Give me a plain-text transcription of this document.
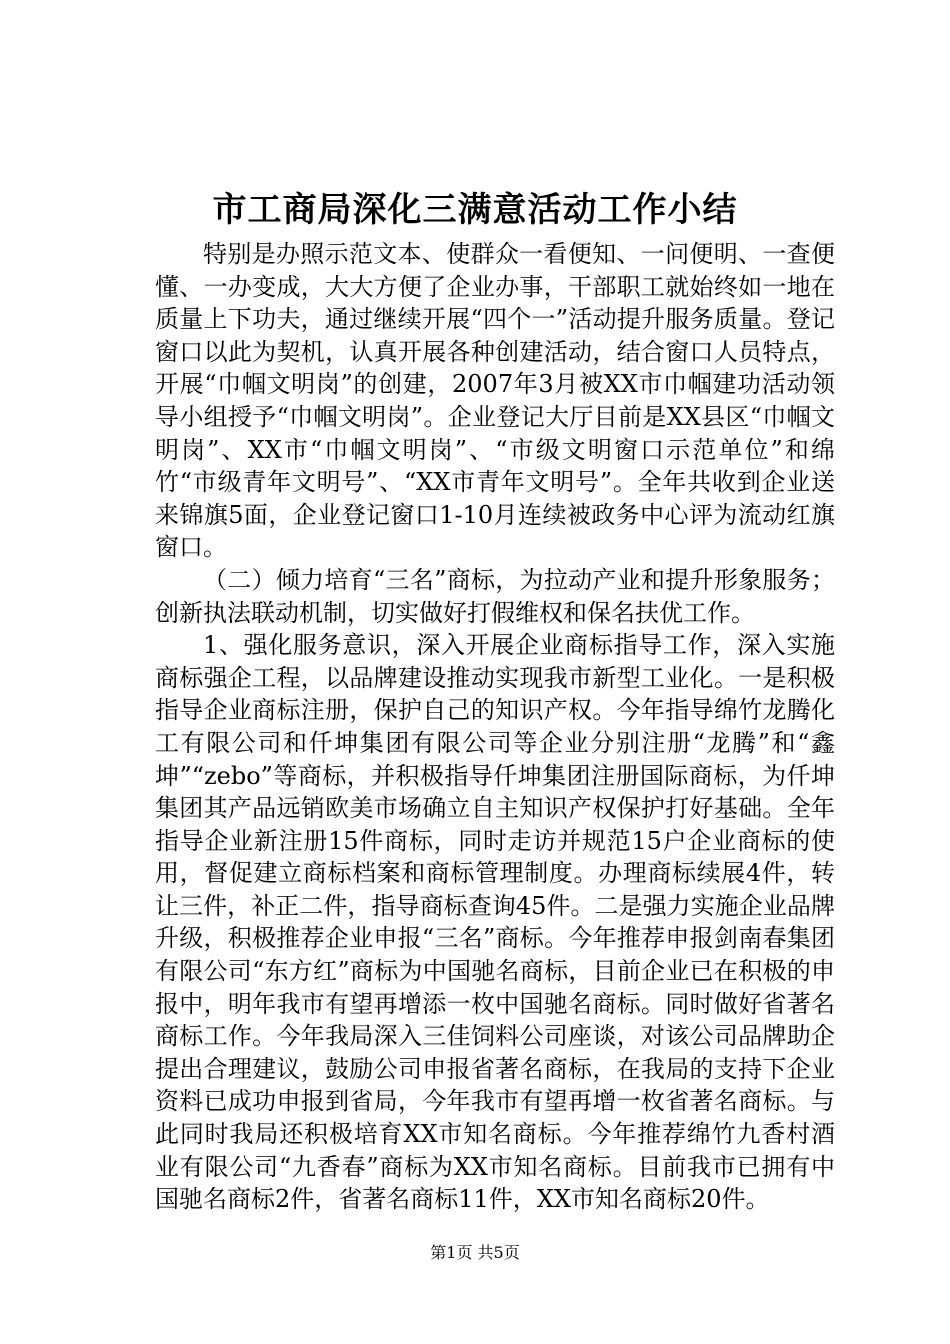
市工商局深化三满意活动工作小结

特别是办照示范文本、使群众一看便知、一问便明、一查便懂、一办变成，大大方便了企业办事，干部职工就始终如一地在质量上下功夫，通过继续开展“四个一”活动提升服务质量。登记窗口以此为契机，认真开展各种创建活动，结合窗口人员特点，开展“巾帼文明岗”的创建，2007年3月被XX市巾帼建功活动领导小组授予“巾帼文明岗”。企业登记大厅目前是XX县区“巾帼文明岗”、XX市“巾帼文明岗”、“市级文明窗口示范单位”和绵竹“市级青年文明号”、“XX市青年文明号”。全年共收到企业送来锦旗5面，企业登记窗口1-10月连续被政务中心评为流动红旗窗口。

（二）倾力培育“三名”商标，为拉动产业和提升形象服务；创新执法联动机制，切实做好打假维权和保名扶优工作。

1、强化服务意识，深入开展企业商标指导工作，深入实施商标强企工程，以品牌建设推动实现我市新型工业化。一是积极指导企业商标注册，保护自己的知识产权。今年指导绵竹龙腾化工有限公司和仟坤集团有限公司等企业分别注册“龙腾”和“鑫坤”“zebo”等商标，并积极指导仟坤集团注册国际商标，为仟坤集团其产品远销欧美市场确立自主知识产权保护打好基础。全年指导企业新注册15件商标，同时走访并规范15户企业商标的使用，督促建立商标档案和商标管理制度。办理商标续展4件，转让三件，补正二件，指导商标查询45件。二是强力实施企业品牌升级，积极推荐企业申报“三名”商标。今年推荐申报剑南春集团有限公司“东方红”商标为中国驰名商标，目前企业已在积极的申报中，明年我市有望再增添一枚中国驰名商标。同时做好省著名商标工作。今年我局深入三佳饲料公司座谈，对该公司品牌助企提出合理建议，鼓励公司申报省著名商标，在我局的支持下企业资料已成功申报到省局，今年我市有望再增一枚省著名商标。与此同时我局还积极培育XX市知名商标。今年推荐绵竹九香村酒业有限公司“九香春”商标为XX市知名商标。目前我市已拥有中国驰名商标2件，省著名商标11件，XX市知名商标20件。

第1页 共5页
